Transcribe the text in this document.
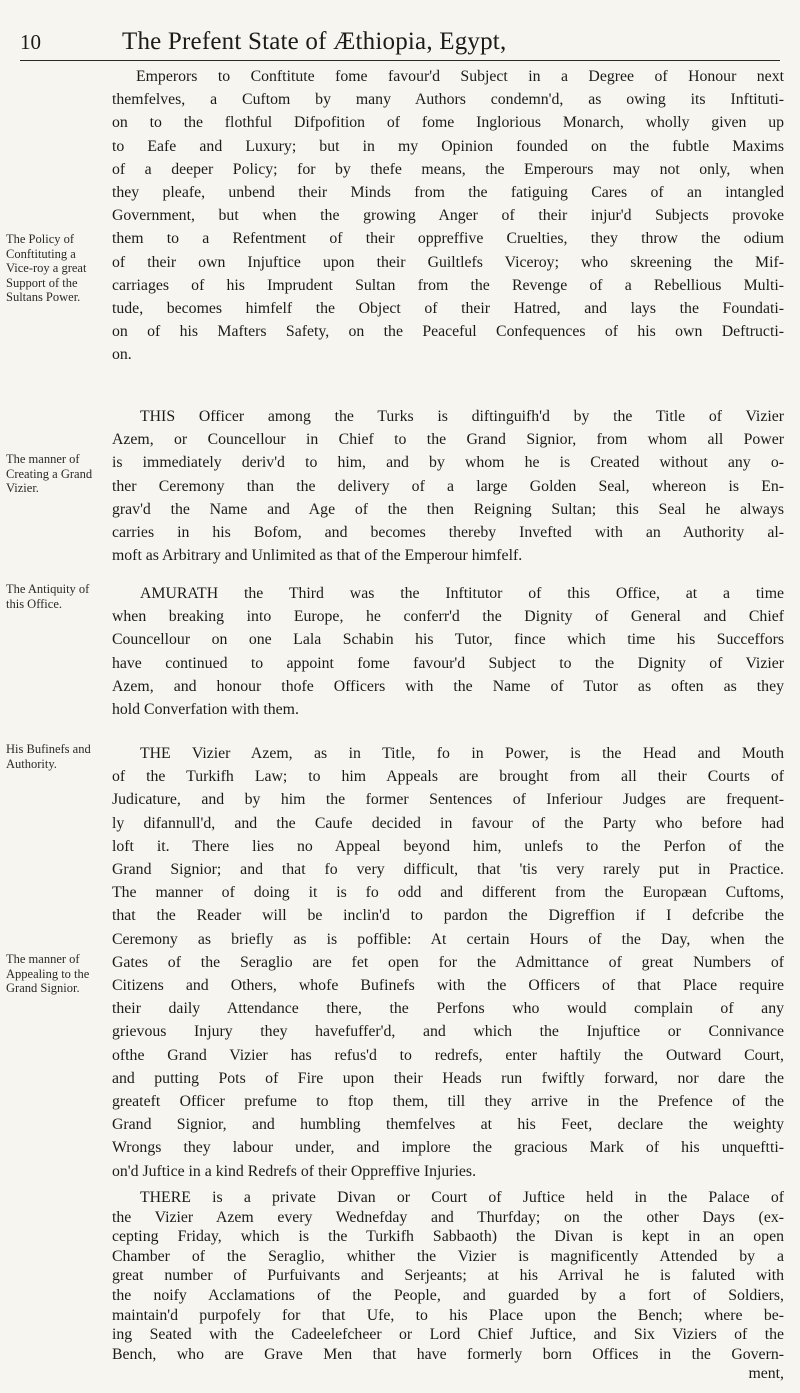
10	The Prefent State of Æthiopia, Egypt,
The Policy of Conftituting a Vice-roy a great Support of the Sultans Power.
The manner of Creating a Grand Vizier.
The Antiquity of this Office.
His Bufinefs and Authority.
The manner of Appealing to the Grand Signior.
Emperors to Conftitute fome favour'd Subject in a Degree of Honour next
themfelves, a Cuftom by many Authors condemn'd, as owing its Inftituti-
on to the flothful Difpofition of fome Inglorious Monarch, wholly given up
to Eafe and Luxury; but in my Opinion founded on the fubtle Maxims
of a deeper Policy; for by thefe means, the Emperours may not only, when
they pleafe, unbend their Minds from the fatiguing Cares of an intangled
Government, but when the growing Anger of their injur'd Subjects provoke
them to a Refentment of their oppreffive Cruelties, they throw the odium
of their own Injuftice upon their Guiltlefs Viceroy; who skreening the Mif-
carriages of his Imprudent Sultan from the Revenge of a Rebellious Multi-
tude, becomes himfelf the Object of their Hatred, and lays the Foundati-
on of his Mafters Safety, on the Peaceful Confequences of his own Deftructi-
on.
THIS Officer among the Turks is diftinguifh'd by the Title of Vizier
Azem, or Councellour in Chief to the Grand Signior, from whom all Power
is immediately deriv'd to him, and by whom he is Created without any o-
ther Ceremony than the delivery of a large Golden Seal, whereon is En-
grav'd the Name and Age of the then Reigning Sultan; this Seal he always
carries in his Bofom, and becomes thereby Invefted with an Authority al-
moft as Arbitrary and Unlimited as that of the Emperour himfelf.
AMURATH the Third was the Inftitutor of this Office, at a time
when breaking into Europe, he conferr'd the Dignity of General and Chief
Councellour on one Lala Schabin his Tutor, fince which time his Succeffors
have continued to appoint fome favour'd Subject to the Dignity of Vizier
Azem, and honour thofe Officers with the Name of Tutor as often as they
hold Converfation with them.
THE Vizier Azem, as in Title, fo in Power, is the Head and Mouth
of the Turkifh Law; to him Appeals are brought from all their Courts of
Judicature, and by him the former Sentences of Inferiour Judges are frequent-
ly difannull'd, and the Caufe decided in favour of the Party who before had
loft it. There lies no Appeal beyond him, unlefs to the Perfon of the
Grand Signior; and that fo very difficult, that 'tis very rarely put in Practice.
The manner of doing it is fo odd and different from the Europæan Cuftoms,
that the Reader will be inclin'd to pardon the Digreffion if I defcribe the
Ceremony as briefly as is poffible: At certain Hours of the Day, when the
Gates of the Seraglio are fet open for the Admittance of great Numbers of
Citizens and Others, whofe Bufinefs with the Officers of that Place require
their daily Attendance there, the Perfons who would complain of any
grievous Injury they havefuffer'd, and which the Injuftice or Connivance
ofthe Grand Vizier has refus'd to redrefs, enter haftily the Outward Court,
and putting Pots of Fire upon their Heads run fwiftly forward, nor dare the
greateft Officer prefume to ftop them, till they arrive in the Prefence of the
Grand Signior, and humbling themfelves at his Feet, declare the weighty
Wrongs they labour under, and implore the gracious Mark of his unqueftti-
on'd Juftice in a kind Redrefs of their Oppreffive Injuries.
THERE is a private Divan or Court of Juftice held in the Palace of
the Vizier Azem every Wednefday and Thurfday; on the other Days (ex-
cepting Friday, which is the Turkifh Sabbaoth) the Divan is kept in an open
Chamber of the Seraglio, whither the Vizier is magnificently Attended by a
great number of Purfuivants and Serjeants; at his Arrival he is faluted with
the noify Acclamations of the People, and guarded by a fort of Soldiers,
maintain'd purpofely for that Ufe, to his Place upon the Bench; where be-
ing Seated with the Cadeelefcheer or Lord Chief Juftice, and Six Viziers of the
Bench, who are Grave Men that have formerly born Offices in the Govern-
ment,
